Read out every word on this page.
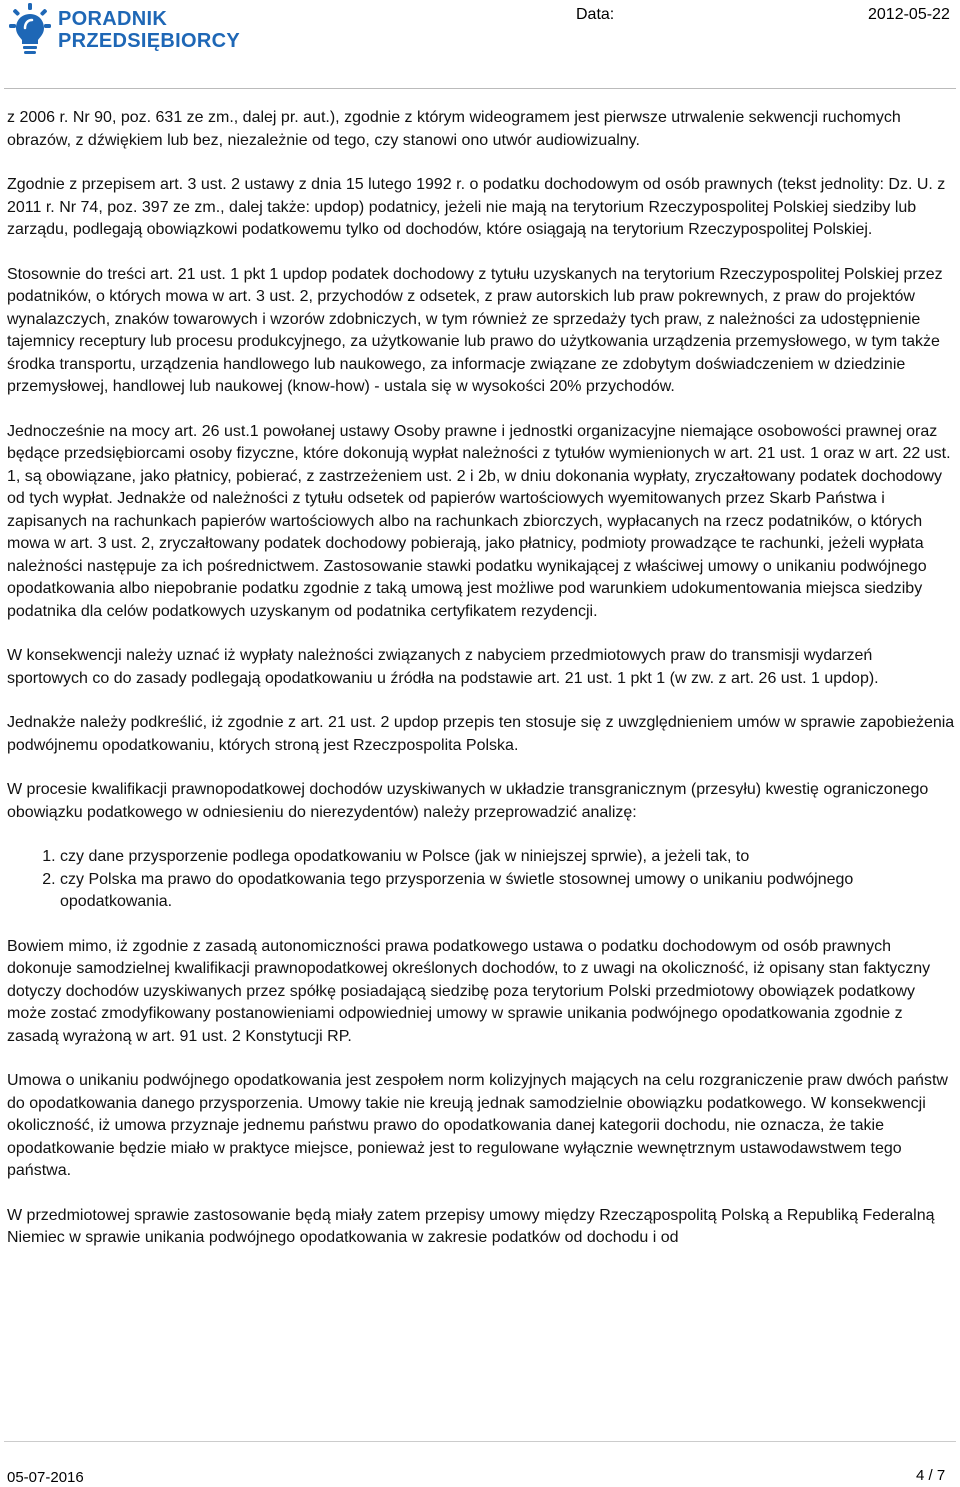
PORADNIK
PRZEDSIĘBIORCY
Data:	2012-05-22

z 2006 r. Nr 90, poz. 631 ze zm., dalej pr. aut.), zgodnie z którym wideogramem jest pierwsze utrwalenie sekwencji ruchomych obrazów, z dźwiękiem lub bez, niezależnie od tego, czy stanowi ono utwór audiowizualny.

Zgodnie z przepisem art. 3 ust. 2 ustawy z dnia 15 lutego 1992 r. o podatku dochodowym od osób prawnych (tekst jednolity: Dz. U. z 2011 r. Nr 74, poz. 397 ze zm., dalej także: updop) podatnicy, jeżeli nie mają na terytorium Rzeczypospolitej Polskiej siedziby lub zarządu, podlegają obowiązkowi podatkowemu tylko od dochodów, które osiągają na terytorium Rzeczypospolitej Polskiej.

Stosownie do treści art. 21 ust. 1 pkt 1 updop podatek dochodowy z tytułu uzyskanych na terytorium Rzeczypospolitej Polskiej przez podatników, o których mowa w art. 3 ust. 2, przychodów z odsetek, z praw autorskich lub praw pokrewnych, z praw do projektów wynalazczych, znaków towarowych i wzorów zdobniczych, w tym również ze sprzedaży tych praw, z należności za udostępnienie tajemnicy receptury lub procesu produkcyjnego, za użytkowanie lub prawo do użytkowania urządzenia przemysłowego, w tym także środka transportu, urządzenia handlowego lub naukowego, za informacje związane ze zdobytym doświadczeniem w dziedzinie przemysłowej, handlowej lub naukowej (know-how) - ustala się w wysokości 20% przychodów.

Jednocześnie na mocy art. 26 ust.1 powołanej ustawy Osoby prawne i jednostki organizacyjne niemające osobowości prawnej oraz będące przedsiębiorcami osoby fizyczne, które dokonują wypłat należności z tytułów wymienionych w art. 21 ust. 1 oraz w art. 22 ust. 1, są obowiązane, jako płatnicy, pobierać, z zastrzeżeniem ust. 2 i 2b, w dniu dokonania wypłaty, zryczałtowany podatek dochodowy od tych wypłat. Jednakże od należności z tytułu odsetek od papierów wartościowych wyemitowanych przez Skarb Państwa i zapisanych na rachunkach papierów wartościowych albo na rachunkach zbiorczych, wypłacanych na rzecz podatników, o których mowa w art. 3 ust. 2, zryczałtowany podatek dochodowy pobierają, jako płatnicy, podmioty prowadzące te rachunki, jeżeli wypłata należności następuje za ich pośrednictwem. Zastosowanie stawki podatku wynikającej z właściwej umowy o unikaniu podwójnego opodatkowania albo niepobranie podatku zgodnie z taką umową jest możliwe pod warunkiem udokumentowania miejsca siedziby podatnika dla celów podatkowych uzyskanym od podatnika certyfikatem rezydencji.

W konsekwencji należy uznać iż wypłaty należności związanych z nabyciem przedmiotowych praw do transmisji wydarzeń sportowych co do zasady podlegają opodatkowaniu u źródła na podstawie art. 21 ust. 1 pkt 1 (w zw. z art. 26 ust. 1 updop).

Jednakże należy podkreślić, iż zgodnie z art. 21 ust. 2 updop przepis ten stosuje się z uwzględnieniem umów w sprawie zapobieżenia podwójnemu opodatkowaniu, których stroną jest Rzeczpospolita Polska.

W procesie kwalifikacji prawnopodatkowej dochodów uzyskiwanych w układzie transgranicznym (przesyłu) kwestię ograniczonego obowiązku podatkowego w odniesieniu do nierezydentów) należy przeprowadzić analizę:

1. czy dane przysporzenie podlega opodatkowaniu w Polsce (jak w niniejszej sprwie), a jeżeli tak, to
2. czy Polska ma prawo do opodatkowania tego przysporzenia w świetle stosownej umowy o unikaniu podwójnego opodatkowania.

Bowiem mimo, iż zgodnie z zasadą autonomiczności prawa podatkowego ustawa o podatku dochodowym od osób prawnych dokonuje samodzielnej kwalifikacji prawnopodatkowej określonych dochodów, to z uwagi na okoliczność, iż opisany stan faktyczny dotyczy dochodów uzyskiwanych przez spółkę posiadającą siedzibę poza terytorium Polski przedmiotowy obowiązek podatkowy może zostać zmodyfikowany postanowieniami odpowiedniej umowy w sprawie unikania podwójnego opodatkowania zgodnie z zasadą wyrażoną w art. 91 ust. 2 Konstytucji RP.

Umowa o unikaniu podwójnego opodatkowania jest zespołem norm kolizyjnych mających na celu rozgraniczenie praw dwóch państw do opodatkowania danego przysporzenia. Umowy takie nie kreują jednak samodzielnie obowiązku podatkowego. W konsekwencji okoliczność, iż umowa przyznaje jednemu państwu prawo do opodatkowania danej kategorii dochodu, nie oznacza, że takie opodatkowanie będzie miało w praktyce miejsce, ponieważ jest to regulowane wyłącznie wewnętrznym ustawodawstwem tego państwa.

W przedmiotowej sprawie zastosowanie będą miały zatem przepisy umowy między Rzecząpospolitą Polską a Republiką Federalną Niemiec w sprawie unikania podwójnego opodatkowania w zakresie podatków od dochodu i od

05-07-2016	4 / 7
